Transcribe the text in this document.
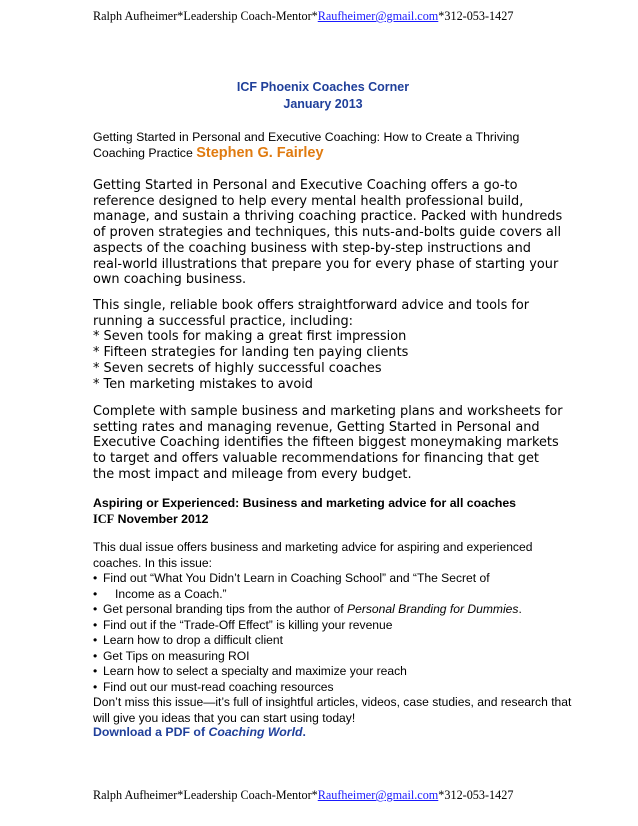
Ralph Aufheimer*Leadership Coach-Mentor*Raufheimer@gmail.com*312-053-1427
ICF Phoenix Coaches Corner
January 2013
Getting Started in Personal and Executive Coaching: How to Create a Thriving
Coaching Practice Stephen G. Fairley

Getting Started in Personal and Executive Coaching offers a go-to reference designed to help every mental health professional build, manage, and sustain a thriving coaching practice. Packed with hundreds of proven strategies and techniques, this nuts-and-bolts guide covers all aspects of the coaching business with step-by-step instructions and real-world illustrations that prepare you for every phase of starting your own coaching business.

This single, reliable book offers straightforward advice and tools for

running a successful practice, including:

* Seven tools for making a great first impression

* Fifteen strategies for landing ten paying clients

* Seven secrets of highly successful coaches

* Ten marketing mistakes to avoid

Complete with sample business and marketing plans and worksheets for setting rates and managing revenue, Getting Started in Personal and Executive Coaching identifies the fifteen biggest moneymaking markets to target and offers valuable recommendations for financing that get the most impact and mileage from every budget.

Aspiring or Experienced: Business and marketing advice for all coaches
ICF November 2012

This dual issue offers business and marketing advice for aspiring and experienced coaches. In this issue:

• Find out “What You Didn’t Learn in Coaching School” and “The Secret of
• Income as a Coach.”
• Get personal branding tips from the author of Personal Branding for Dummies.
• Find out if the “Trade-Off Effect” is killing your revenue
• Learn how to drop a difficult client
• Get Tips on measuring ROI
• Learn how to select a specialty and maximize your reach
• Find out our must-read coaching resources

Don’t miss this issue—it’s full of insightful articles, videos, case studies, and research that will give you ideas that you can start using today!

Download a PDF of Coaching World.
Ralph Aufheimer*Leadership Coach-Mentor*Raufheimer@gmail.com*312-053-1427
